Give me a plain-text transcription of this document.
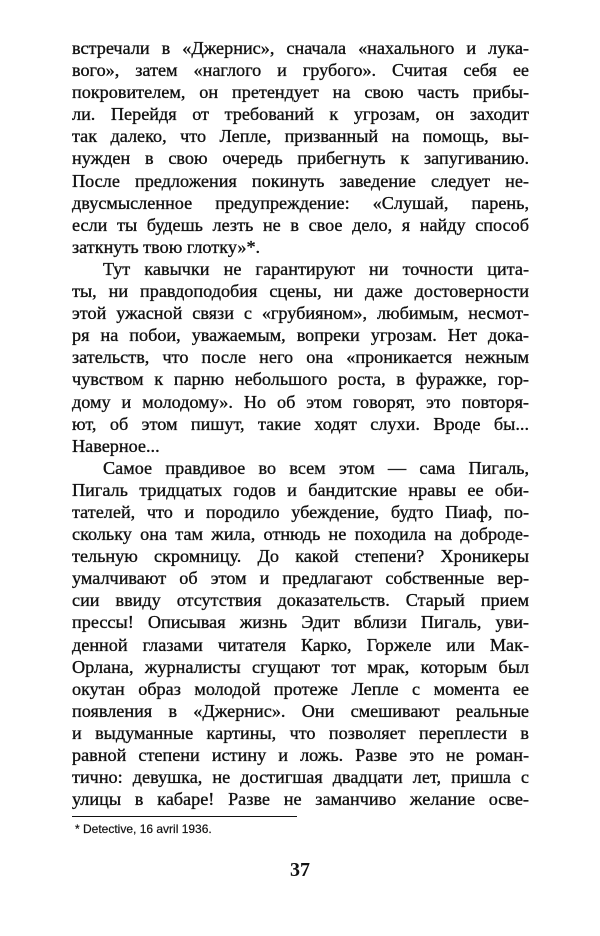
встречали в «Джернис», сначала «нахального и лука-
вого», затем «наглого и грубого». Считая себя ее
покровителем, он претендует на свою часть прибы-
ли. Перейдя от требований к угрозам, он заходит
так далеко, что Лепле, призванный на помощь, вы-
нужден в свою очередь прибегнуть к запугиванию.
После предложения покинуть заведение следует не-
двусмысленное предупреждение: «Слушай, парень,
если ты будешь лезть не в свое дело, я найду способ
заткнуть твою глотку»*.
Тут кавычки не гарантируют ни точности цита-
ты, ни правдоподобия сцены, ни даже достоверности
этой ужасной связи с «грубияном», любимым, несмот-
ря на побои, уважаемым, вопреки угрозам. Нет дока-
зательств, что после него она «проникается нежным
чувством к парню небольшого роста, в фуражке, гор-
дому и молодому». Но об этом говорят, это повторя-
ют, об этом пишут, такие ходят слухи. Вроде бы...
Наверное...
Самое правдивое во всем этом — сама Пигаль,
Пигаль тридцатых годов и бандитские нравы ее оби-
тателей, что и породило убеждение, будто Пиаф, по-
скольку она там жила, отнюдь не походила на доброде-
тельную скромницу. До какой степени? Хроникеры
умалчивают об этом и предлагают собственные вер-
сии ввиду отсутствия доказательств. Старый прием
прессы! Описывая жизнь Эдит вблизи Пигаль, уви-
денной глазами читателя Карко, Горжеле или Мак-
Орлана, журналисты сгущают тот мрак, которым был
окутан образ молодой протеже Лепле с момента ее
появления в «Джернис». Они смешивают реальные
и выдуманные картины, что позволяет переплести в
равной степени истину и ложь. Разве это не роман-
тично: девушка, не достигшая двадцати лет, пришла с
улицы в кабаре! Разве не заманчиво желание осве-
* Detective, 16 avril 1936.
37
